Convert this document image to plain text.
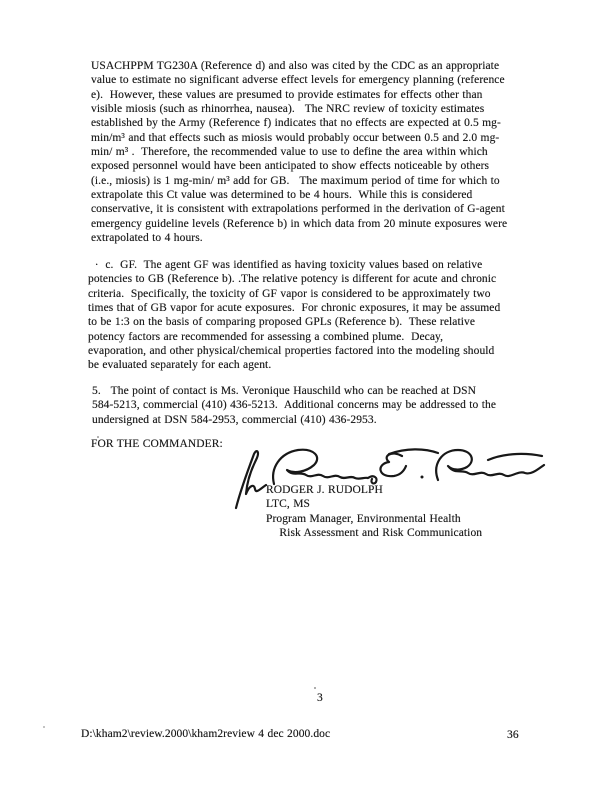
USACHPPM TG230A (Reference d) and also was cited by the CDC as an appropriate
value to estimate no significant adverse effect levels for emergency planning (reference
e).  However, these values are presumed to provide estimates for effects other than
visible miosis (such as rhinorrhea, nausea).   The NRC review of toxicity estimates
established by the Army (Reference f) indicates that no effects are expected at 0.5 mg-
min/m³ and that effects such as miosis would probably occur between 0.5 and 2.0 mg-
min/ m³ .  Therefore, the recommended value to use to define the area within which
exposed personnel would have been anticipated to show effects noticeable by others
(i.e., miosis) is 1 mg-min/ m³ add for GB.   The maximum period of time for which to
extrapolate this Ct value was determined to be 4 hours.  While this is considered
conservative, it is consistent with extrapolations performed in the derivation of G-agent
emergency guideline levels (Reference b) in which data from 20 minute exposures were
extrapolated to 4 hours.
·  c.  GF.  The agent GF was identified as having toxicity values based on relative
potencies to GB (Reference b). .The relative potency is different for acute and chronic
criteria.  Specifically, the toxicity of GF vapor is considered to be approximately two
times that of GB vapor for acute exposures.  For chronic exposures, it may be assumed
to be 1:3 on the basis of comparing proposed GPLs (Reference b).  These relative
potency factors are recommended for assessing a combined plume.  Decay,
evaporation, and other physical/chemical properties factored into the modeling should
be evaluated separately for each agent.
5.   The point of contact is Ms. Veronique Hauschild who can be reached at DSN
584-5213, commercial (410) 436-5213.  Additional concerns may be addressed to the
undersigned at DSN 584-2953, commercial (410) 436-2953.
FOR THE COMMANDER:
RODGER J. RUDOLPH
LTC, MS
Program Manager, Environmental Health
Risk Assessment and Risk Communication
3
D:\kham2\review.2000\kham2review 4 dec 2000.doc	36
